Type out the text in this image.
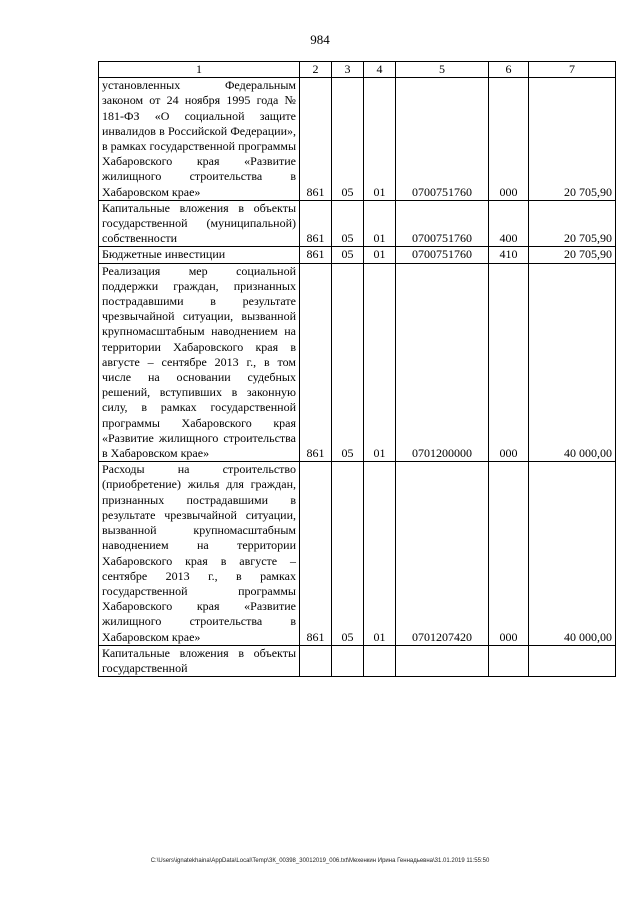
984
1	2	3	4	5	6	7
установленных Федеральным законом от 24 ноября 1995 года № 181-ФЗ «О социальной защите инвалидов в Российской Федерации», в рамках государственной программы Хабаровского края «Развитие жилищного строительства в Хабаровском крае»	861	05	01	0700751760	000	20 705,90
Капитальные вложения в объекты государственной (муниципальной) собственности	861	05	01	0700751760	400	20 705,90
Бюджетные инвестиции	861	05	01	0700751760	410	20 705,90
Реализация мер социальной поддержки граждан, признанных пострадавшими в результате чрезвычайной ситуации, вызванной крупномасштабным наводнением на территории Хабаровского края в августе – сентябре 2013 г., в том числе на основании судебных решений, вступивших в законную силу, в рамках государственной программы Хабаровского края «Развитие жилищного строительства в Хабаровском крае»	861	05	01	0701200000	000	40 000,00
Расходы на строительство (приобретение) жилья для граждан, признанных пострадавшими в результате чрезвычайной ситуации, вызванной крупномасштабным наводнением на территории Хабаровского края в августе – сентябре 2013 г., в рамках государственной программы Хабаровского края «Развитие жилищного строительства в Хабаровском крае»	861	05	01	0701207420	000	40 000,00
Капитальные вложения в объекты государственной						
C:\Users\ignatekhaina\AppData\Local\Temp\ЗК_00398_30012019_006.txt\Мехенкин Ирина Геннадьевна\31.01.2019 11:55:50
